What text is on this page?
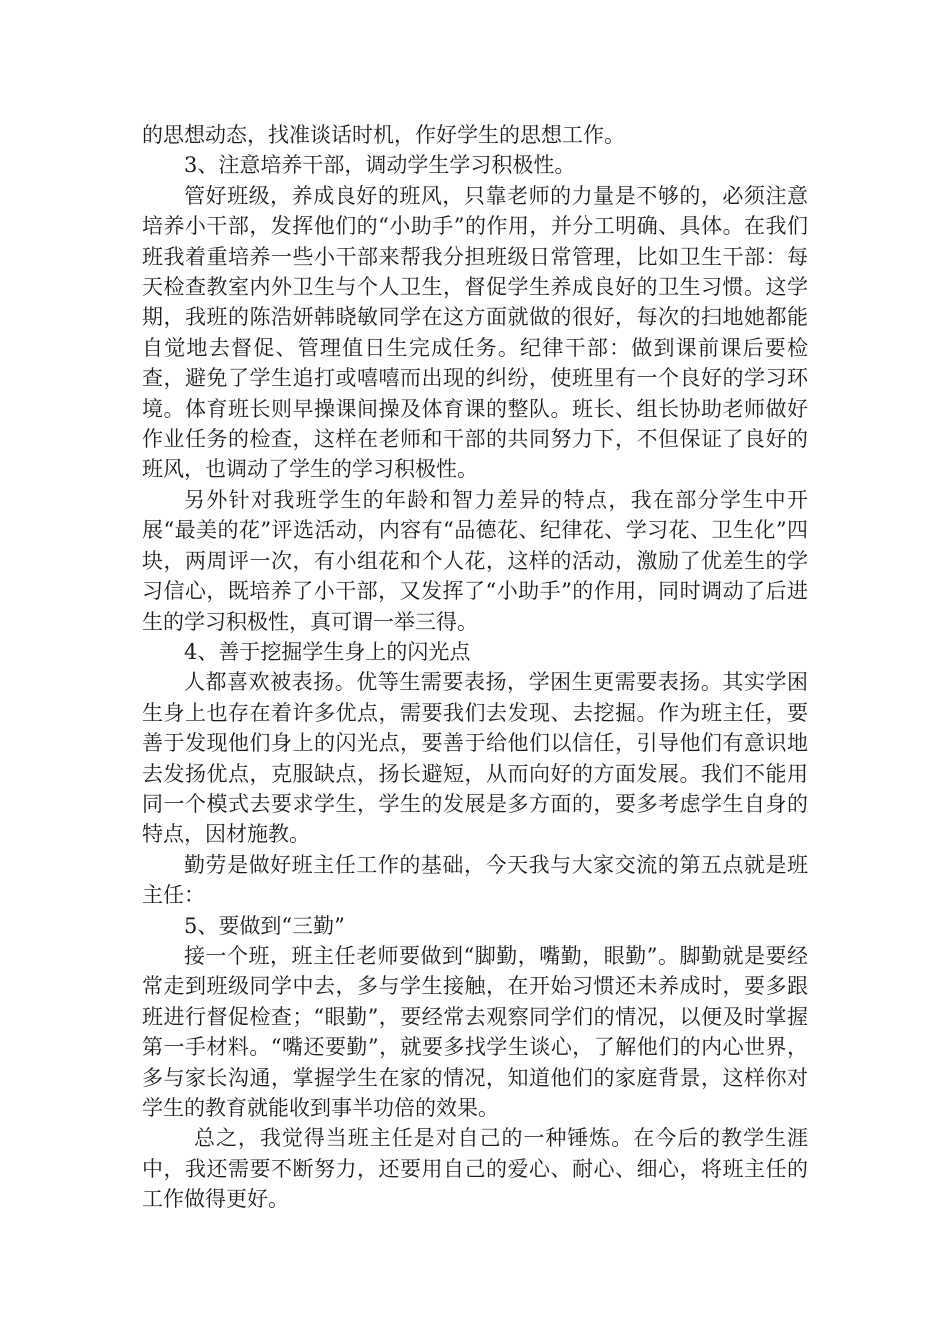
的思想动态，找准谈话时机，作好学生的思想工作。

3、注意培养干部，调动学生学习积极性。

管好班级，养成良好的班风，只靠老师的力量是不够的，必须注意培养小干部，发挥他们的“小助手”的作用，并分工明确、具体。在我们班我着重培养一些小干部来帮我分担班级日常管理，比如卫生干部：每天检查教室内外卫生与个人卫生，督促学生养成良好的卫生习惯。这学期，我班的陈浩妍韩晓敏同学在这方面就做的很好，每次的扫地她都能自觉地去督促、管理值日生完成任务。纪律干部：做到课前课后要检查，避免了学生追打或嘻嘻而出现的纠纷，使班里有一个良好的学习环境。体育班长则早操课间操及体育课的整队。班长、组长协助老师做好作业任务的检查，这样在老师和干部的共同努力下，不但保证了良好的班风，也调动了学生的学习积极性。

另外针对我班学生的年龄和智力差异的特点，我在部分学生中开展“最美的花”评选活动，内容有“品德花、纪律花、学习花、卫生化”四块，两周评一次，有小组花和个人花，这样的活动，激励了优差生的学习信心，既培养了小干部，又发挥了“小助手”的作用，同时调动了后进生的学习积极性，真可谓一举三得。

4、善于挖掘学生身上的闪光点

人都喜欢被表扬。优等生需要表扬，学困生更需要表扬。其实学困生身上也存在着许多优点，需要我们去发现、去挖掘。作为班主任，要善于发现他们身上的闪光点，要善于给他们以信任，引导他们有意识地去发扬优点，克服缺点，扬长避短，从而向好的方面发展。我们不能用同一个模式去要求学生，学生的发展是多方面的，要多考虑学生自身的特点，因材施教。

勤劳是做好班主任工作的基础，今天我与大家交流的第五点就是班主任：

5、要做到“三勤”

接一个班，班主任老师要做到“脚勤，嘴勤，眼勤”。脚勤就是要经常走到班级同学中去，多与学生接触，在开始习惯还未养成时，要多跟班进行督促检查；“眼勤”，要经常去观察同学们的情况，以便及时掌握第一手材料。“嘴还要勤”，就要多找学生谈心，了解他们的内心世界，多与家长沟通，掌握学生在家的情况，知道他们的家庭背景，这样你对学生的教育就能收到事半功倍的效果。

总之，我觉得当班主任是对自己的一种锤炼。在今后的教学生涯中，我还需要不断努力，还要用自己的爱心、耐心、细心，将班主任的工作做得更好。
